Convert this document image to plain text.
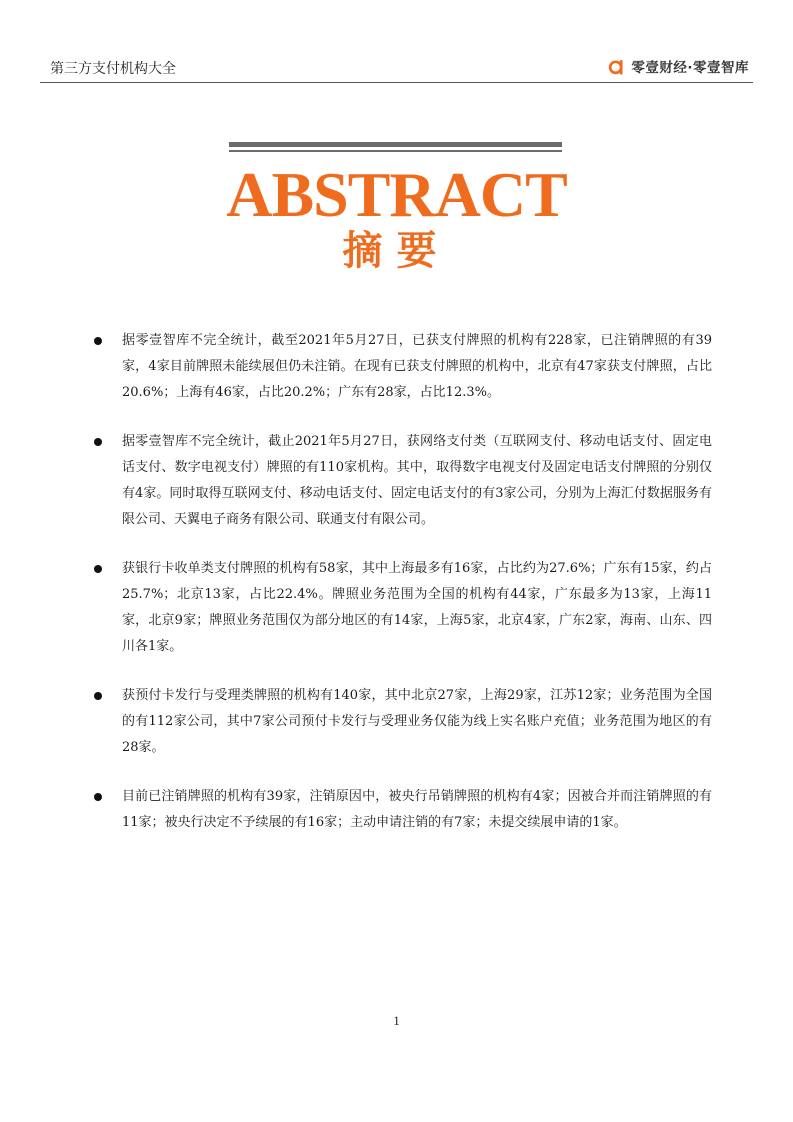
第三方支付机构大全	零壹财经·零壹智库
ABSTRACT
摘要
据零壹智库不完全统计，截至2021年5月27日，已获支付牌照的机构有228家，已注销牌照的有39家，4家目前牌照未能续展但仍未注销。在现有已获支付牌照的机构中，北京有47家获支付牌照，占比20.6%；上海有46家，占比20.2%；广东有28家，占比12.3%。
据零壹智库不完全统计，截止2021年5月27日，获网络支付类（互联网支付、移动电话支付、固定电话支付、数字电视支付）牌照的有110家机构。其中，取得数字电视支付及固定电话支付牌照的分别仅有4家。同时取得互联网支付、移动电话支付、固定电话支付的有3家公司，分别为上海汇付数据服务有限公司、天翼电子商务有限公司、联通支付有限公司。
获银行卡收单类支付牌照的机构有58家，其中上海最多有16家，占比约为27.6%；广东有15家，约占25.7%；北京13家，占比22.4%。牌照业务范围为全国的机构有44家，广东最多为13家，上海11家，北京9家；牌照业务范围仅为部分地区的有14家，上海5家，北京4家，广东2家，海南、山东、四川各1家。
获预付卡发行与受理类牌照的机构有140家，其中北京27家，上海29家，江苏12家；业务范围为全国的有112家公司，其中7家公司预付卡发行与受理业务仅能为线上实名账户充值；业务范围为地区的有28家。
目前已注销牌照的机构有39家，注销原因中，被央行吊销牌照的机构有4家；因被合并而注销牌照的有11家；被央行决定不予续展的有16家；主动申请注销的有7家；未提交续展申请的1家。
1
